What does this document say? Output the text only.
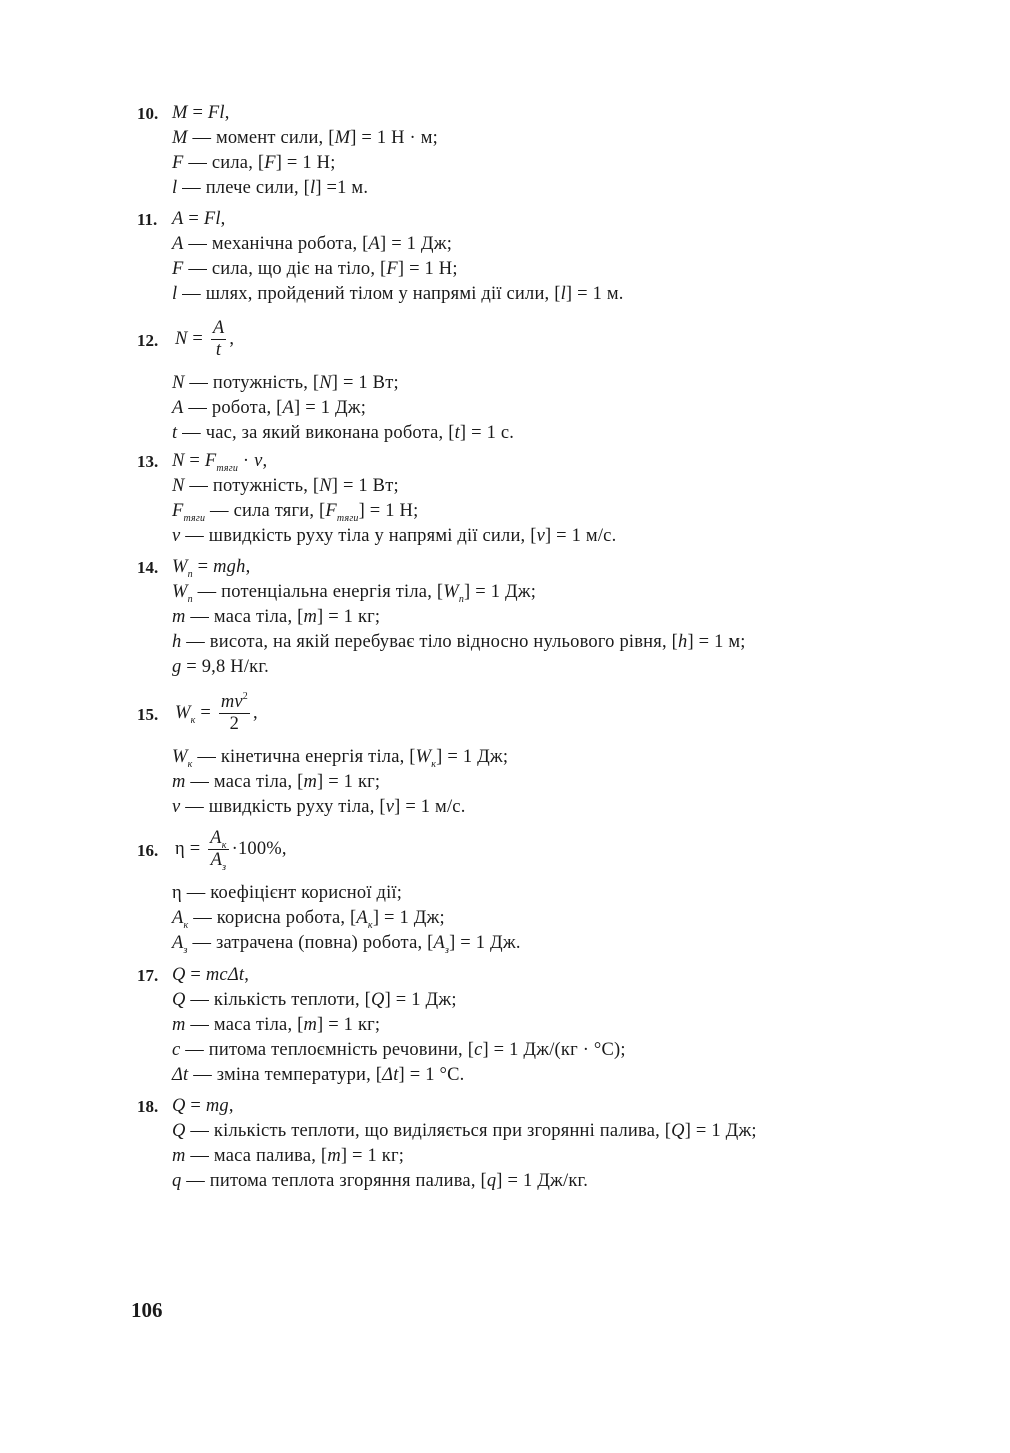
10. M = Fl,
M — момент сили, [M] = 1 Н · м;
F — сила, [F] = 1 Н;
l — плече сили, [l] =1 м.
11. A = Fl,
A — механічна робота, [A] = 1 Дж;
F — сила, що діє на тіло, [F] = 1 Н;
l — шлях, пройдений тілом у напрямі дії сили, [l] = 1 м.
12. $N = \frac{A}{t}$ ,
N — потужність, [N] = 1 Вт;
A — робота, [A] = 1 Дж;
t — час, за який виконана робота, [t] = 1 с.
13. $N = F_{тяги} \cdot v$,
N — потужність, [N] = 1 Вт;
$F_{тяги}$ — сила тяги, $[F_{тяги}] = 1$ Н;
v — швидкість руху тіла у напрямі дії сили, [v] = 1 м/с.
14. $W_п$ = mgh,
$W_п$ — потенціальна енергія тіла, $[W_п] = 1$ Дж;
m — маса тіла, [m] = 1 кг;
h — висота, на якій перебуває тіло відносно нульового рівня, [h] = 1 м;
g = 9,8 Н/кг.
15. $W_к = \frac{mv^2}{2}$ ,
$W_к$ — кінетична енергія тіла, $[W_к] = 1$ Дж;
m — маса тіла, [m] = 1 кг;
v — швидкість руху тіла, [v] = 1 м/с.
16. $\eta = \frac{A_к}{A_з} \cdot 100\%$,
η — коефіцієнт корисної дії;
$A_к$ — корисна робота, $[A_к] = 1$ Дж;
$A_з$ — затрачена (повна) робота, $[A_з] = 1$ Дж.
17. Q = mcΔt,
Q — кількість теплоти, [Q] = 1 Дж;
m — маса тіла, [m] = 1 кг;
c — питома теплоємність речовини, [c] = 1 Дж/(кг · °С);
Δt — зміна температури, [Δt] = 1 °С.
18. Q = mg,
Q — кількість теплоти, що виділяється при згорянні палива, [Q] = 1 Дж;
m — маса палива, [m] = 1 кг;
q — питома теплота згоряння палива, [q] = 1 Дж/кг.
106
